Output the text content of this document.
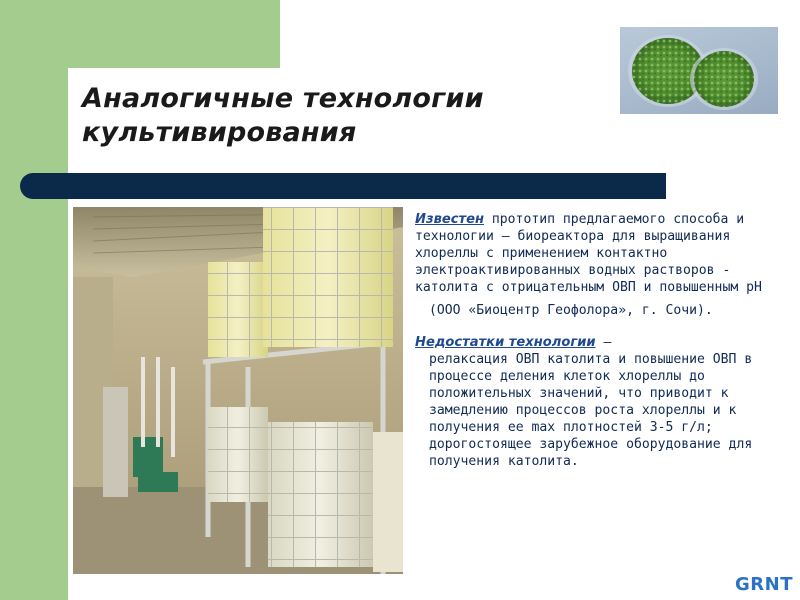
Аналогичные технологии культивирования

Известен прототип предлагаемого способа и технологии – биореактора для выращивания хлореллы с применением контактно электроактивированных водных растворов - католита с отрицательным ОВП и повышенным рН
(ООО «Биоцентр Геофолора», г. Сочи).

Недостатки технологии –
релаксация ОВП католита и повышение ОВП в процессе деления клеток хлореллы до положительных значений, что приводит к замедлению процессов роста хлореллы и к получения ее max плотностей 3-5 г/л; дорогостоящее зарубежное оборудование для получения католита.

GRNT
